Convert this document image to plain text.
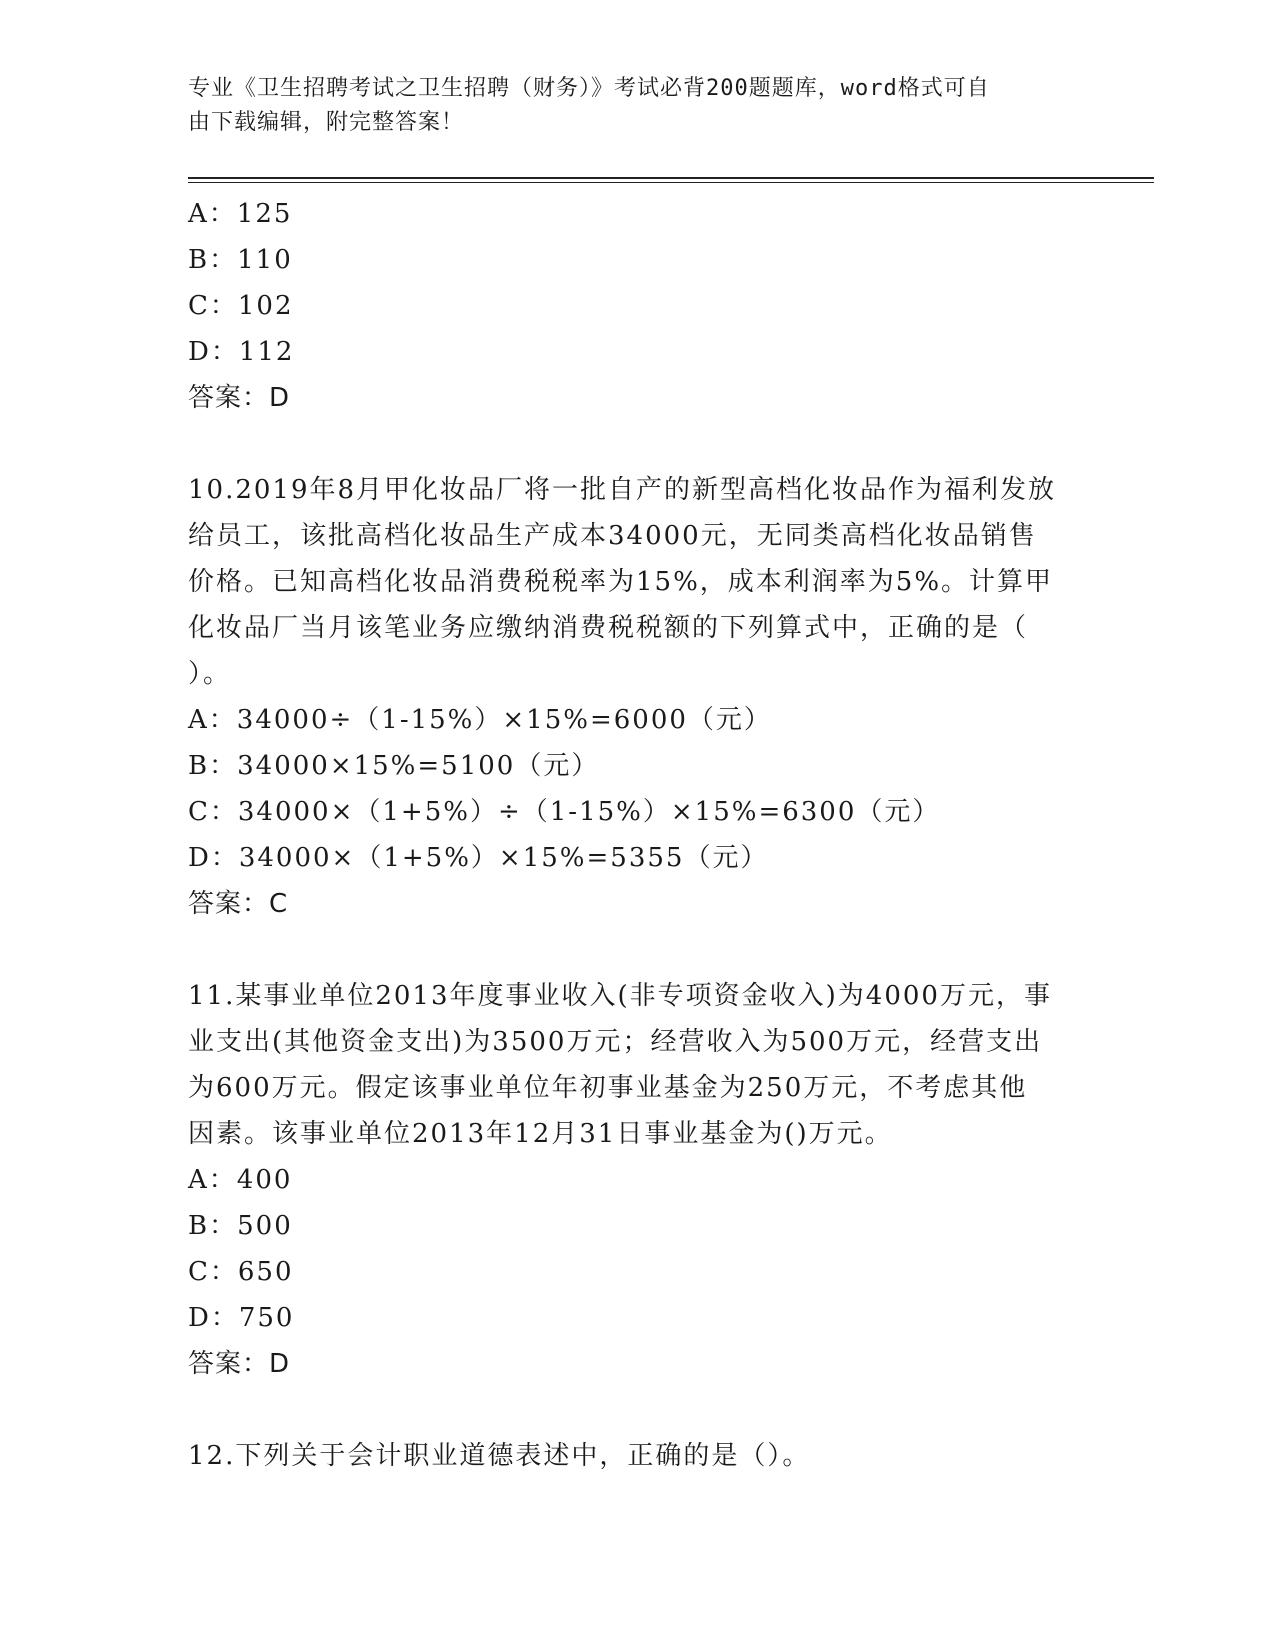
专业《卫生招聘考试之卫生招聘（财务）》考试必背200题题库，word格式可自
由下载编辑，附完整答案！
A：125
B：110
C：102
D：112
答案：D
10.2019年8月甲化妆品厂将一批自产的新型高档化妆品作为福利发放
给员工，该批高档化妆品生产成本34000元，无同类高档化妆品销售
价格。已知高档化妆品消费税税率为15%，成本利润率为5%。计算甲
化妆品厂当月该笔业务应缴纳消费税税额的下列算式中，正确的是（
）。
A：34000÷（1-15%）×15%=6000（元）
B：34000×15%=5100（元）
C：34000×（1+5%）÷（1-15%）×15%=6300（元）
D：34000×（1+5%）×15%=5355（元）
答案：C
11.某事业单位2013年度事业收入(非专项资金收入)为4000万元，事
业支出(其他资金支出)为3500万元；经营收入为500万元，经营支出
为600万元。假定该事业单位年初事业基金为250万元，不考虑其他
因素。该事业单位2013年12月31日事业基金为()万元。
A：400
B：500
C：650
D：750
答案：D
12.下列关于会计职业道德表述中，正确的是（）。
